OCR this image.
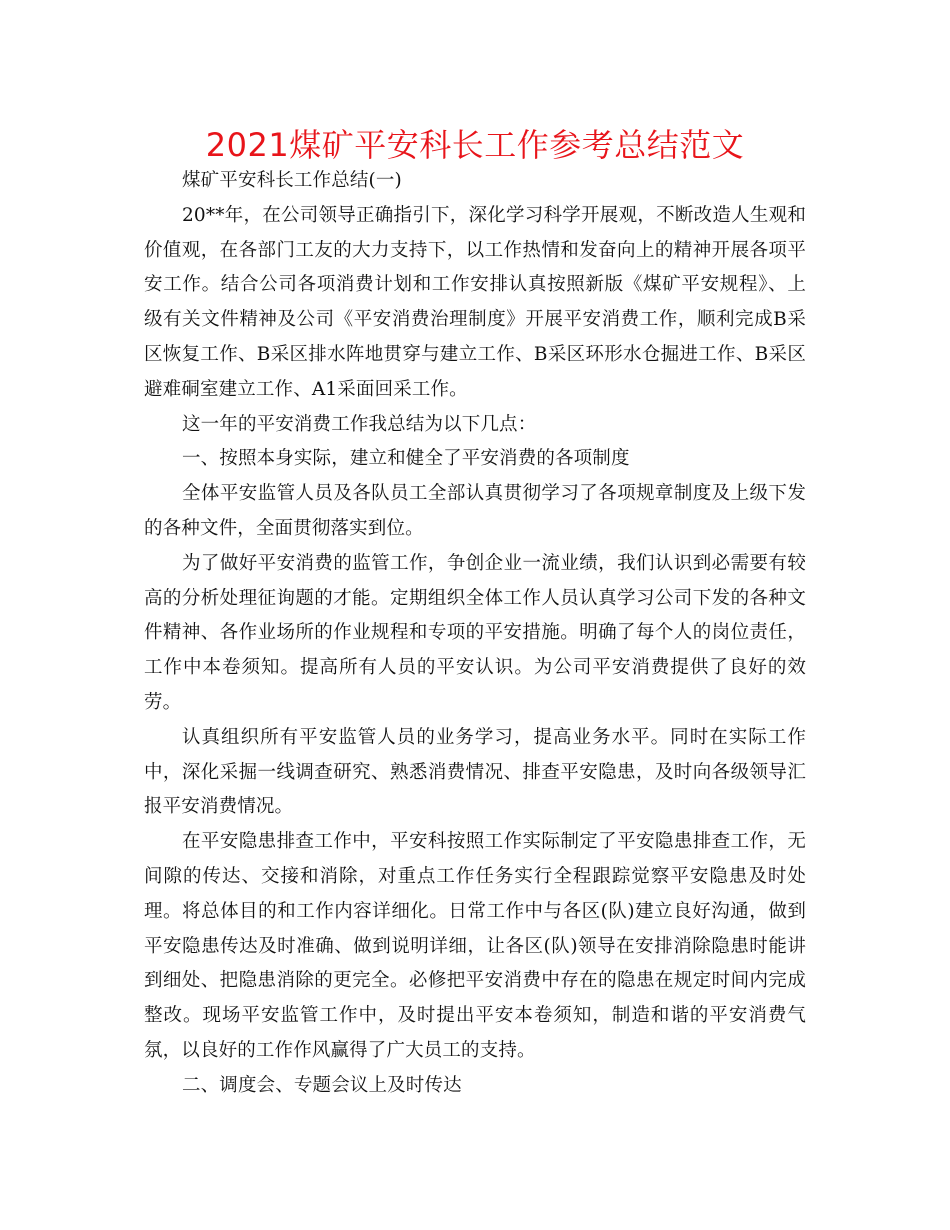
2021煤矿平安科长工作参考总结范文

煤矿平安科长工作总结(一)

20**年，在公司领导正确指引下，深化学习科学开展观，不断改造人生观和价值观，在各部门工友的大力支持下，以工作热情和发奋向上的精神开展各项平安工作。结合公司各项消费计划和工作安排认真按照新版《煤矿平安规程》、上级有关文件精神及公司《平安消费治理制度》开展平安消费工作，顺利完成B采区恢复工作、B采区排水阵地贯穿与建立工作、B采区环形水仓掘进工作、B采区避难硐室建立工作、A1采面回采工作。

这一年的平安消费工作我总结为以下几点：

一、按照本身实际，建立和健全了平安消费的各项制度

全体平安监管人员及各队员工全部认真贯彻学习了各项规章制度及上级下发的各种文件，全面贯彻落实到位。

为了做好平安消费的监管工作，争创企业一流业绩，我们认识到必需要有较高的分析处理征询题的才能。定期组织全体工作人员认真学习公司下发的各种文件精神、各作业场所的作业规程和专项的平安措施。明确了每个人的岗位责任，工作中本卷须知。提高所有人员的平安认识。为公司平安消费提供了良好的效劳。

认真组织所有平安监管人员的业务学习，提高业务水平。同时在实际工作中，深化采掘一线调查研究、熟悉消费情况、排查平安隐患，及时向各级领导汇报平安消费情况。

在平安隐患排查工作中，平安科按照工作实际制定了平安隐患排查工作，无间隙的传达、交接和消除，对重点工作任务实行全程跟踪觉察平安隐患及时处理。将总体目的和工作内容详细化。日常工作中与各区(队)建立良好沟通，做到平安隐患传达及时准确、做到说明详细，让各区(队)领导在安排消除隐患时能讲到细处、把隐患消除的更完全。必修把平安消费中存在的隐患在规定时间内完成整改。现场平安监管工作中，及时提出平安本卷须知，制造和谐的平安消费气氛，以良好的工作作风赢得了广大员工的支持。

二、调度会、专题会议上及时传达
